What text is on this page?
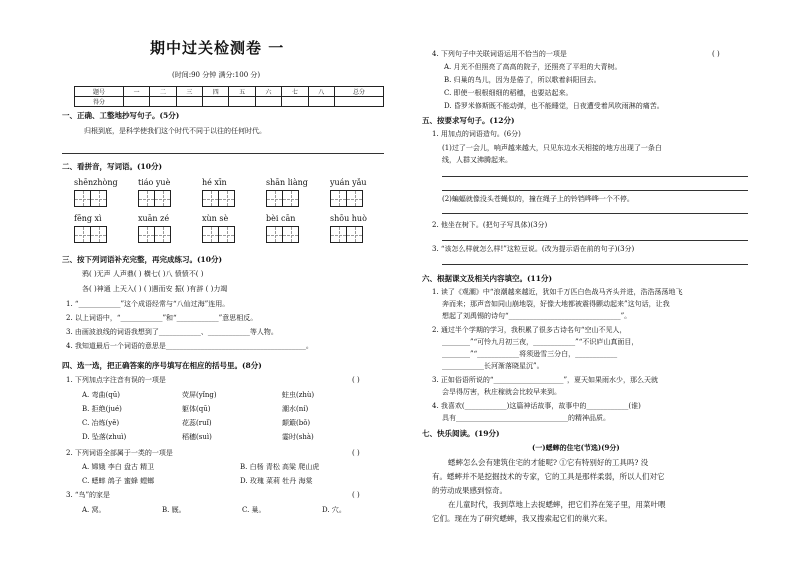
期中过关检测卷 一
(时间:90 分钟 满分:100 分)
题号	一	二	三	四	五	六	七	八	总分
得分									
一、正确、工整地抄写句子。(5分)
归根到底，是科学使我们这个时代不同于以往的任何时代。
二、看拼音，写词语。(10分)
shēnzhòng	tiáo yuè	hé xīn	shān liàng	yuán yǎu
fēng xì	xuān zé	xùn sè	bèi cān	shōu huò
三、按下列词语补充完整，再完成练习。(10分)
鸦( )无声 人声鼎( ) 横七( )八 愤愤不( )
各( )神通 上天入( ) ( )遇而安 振( )有辞 ( )力竭
1. “____________”这个成语经常与“八仙过海”连用。
2. 以上词语中，“____________”和“____________”意思相反。
3. 由画波浪线的词语我想到了____________、____________等人物。
4. 我知道最后一个词语的意思是________________________________________。
四、选一选，把正确答案的序号填写在相应的括号里。(8分)
1. 下列加点字注音有误的一项是	( )
A. 弯曲(qū)	荧屏(yǐng)	蛀虫(zhù)
B. 拒绝(jué)	躯体(qū)	潮水(ní)
C. 冶炼(yě)	花蕊(ruǐ)	颠簸(bǒ)
D. 坠落(zhuì)	稻穗(suì)	霎时(shà)
2. 下列词语全部属于一类的一项是	( )
A. 嫦娥 李白 盘古 精卫	B. 白杨 青松 高粱 爬山虎
C. 蟋蟀 鸽子 蜜蜂 螳螂	D. 玫瑰 菜莉 牡丹 海棠
3. “鸟”的家是	( )
A. 窝。	B. 厩。	C. 巢。	D. 穴。
4. 下列句子中关联词语运用不恰当的一项是	( )
A. 月光不但照亮了高高的院子，还照亮了平坦的大青树。
B. 归巢的鸟儿，因为是倦了，所以歌着斜阳回去。
C. 即使一根根细细的稻穗，也要站起来。
D. 昏罗米修斯既不能动弹，也不能睡觉，日夜遭受着风吹雨淋的痛苦。
五、按要求写句子。(12分)
1. 用加点的词语造句。(6分)
(1)过了一会儿，响声越来越大，只见东边水天相接的地方出现了一条白
线，人群又沸腾起来。
(2)蝙蝠就像没头苍蝇似的，撞在绳子上的铃铛哗哗一个不停。
2. 他坐在树下。(把句子写具体)(3分)
3. “该怎么样就怎么样!”这粒豆说。(改为提示语在前的句子)(3分)
六、根据课文及相关内容填空。(11分)
1. 读了《观潮》中“浪潮越来越近，犹如千万匹白色战马齐头并进，浩浩荡荡地飞
奔而来；那声音如同山崩地裂，好像大地都被震得颤动起来”这句话，让我
想起了刘禹锡的诗句“________________________________”。
2. 通过半个学期的学习，我积累了很多古诗名句“空山不见人，
________”“可怜九月初三夜，____________”“不识庐山真面目，
________”“____________将须逊雪三分白，____________
____________长河渐落晓星沉”。
3. 正如俗语所说的“____________________”，夏天如果雨水少，那么天就
会旱得厉害，秋庄稼就会比较早来到。
4. 我喜欢(____________)这篇神话故事，故事中的____________(谁)
具有________________________________的精神品质。
七、快乐阅读。(19分)
(一)蟋蟀的住宅(节选)(9分)
蟋蟀怎么会有建筑住宅的才能呢? ①它有特别好的工具吗? 没
有。蟋蟀并不是挖掘技术的专家，它的工具是那样柔弱，所以人们对它
的劳动成果感到惊奇。
在儿童时代，我到草地上去捉蟋蟀，把它们养在笼子里，用菜叶喂
它们。现在为了研究蟋蟀，我又搜索起它们的巢穴来。
